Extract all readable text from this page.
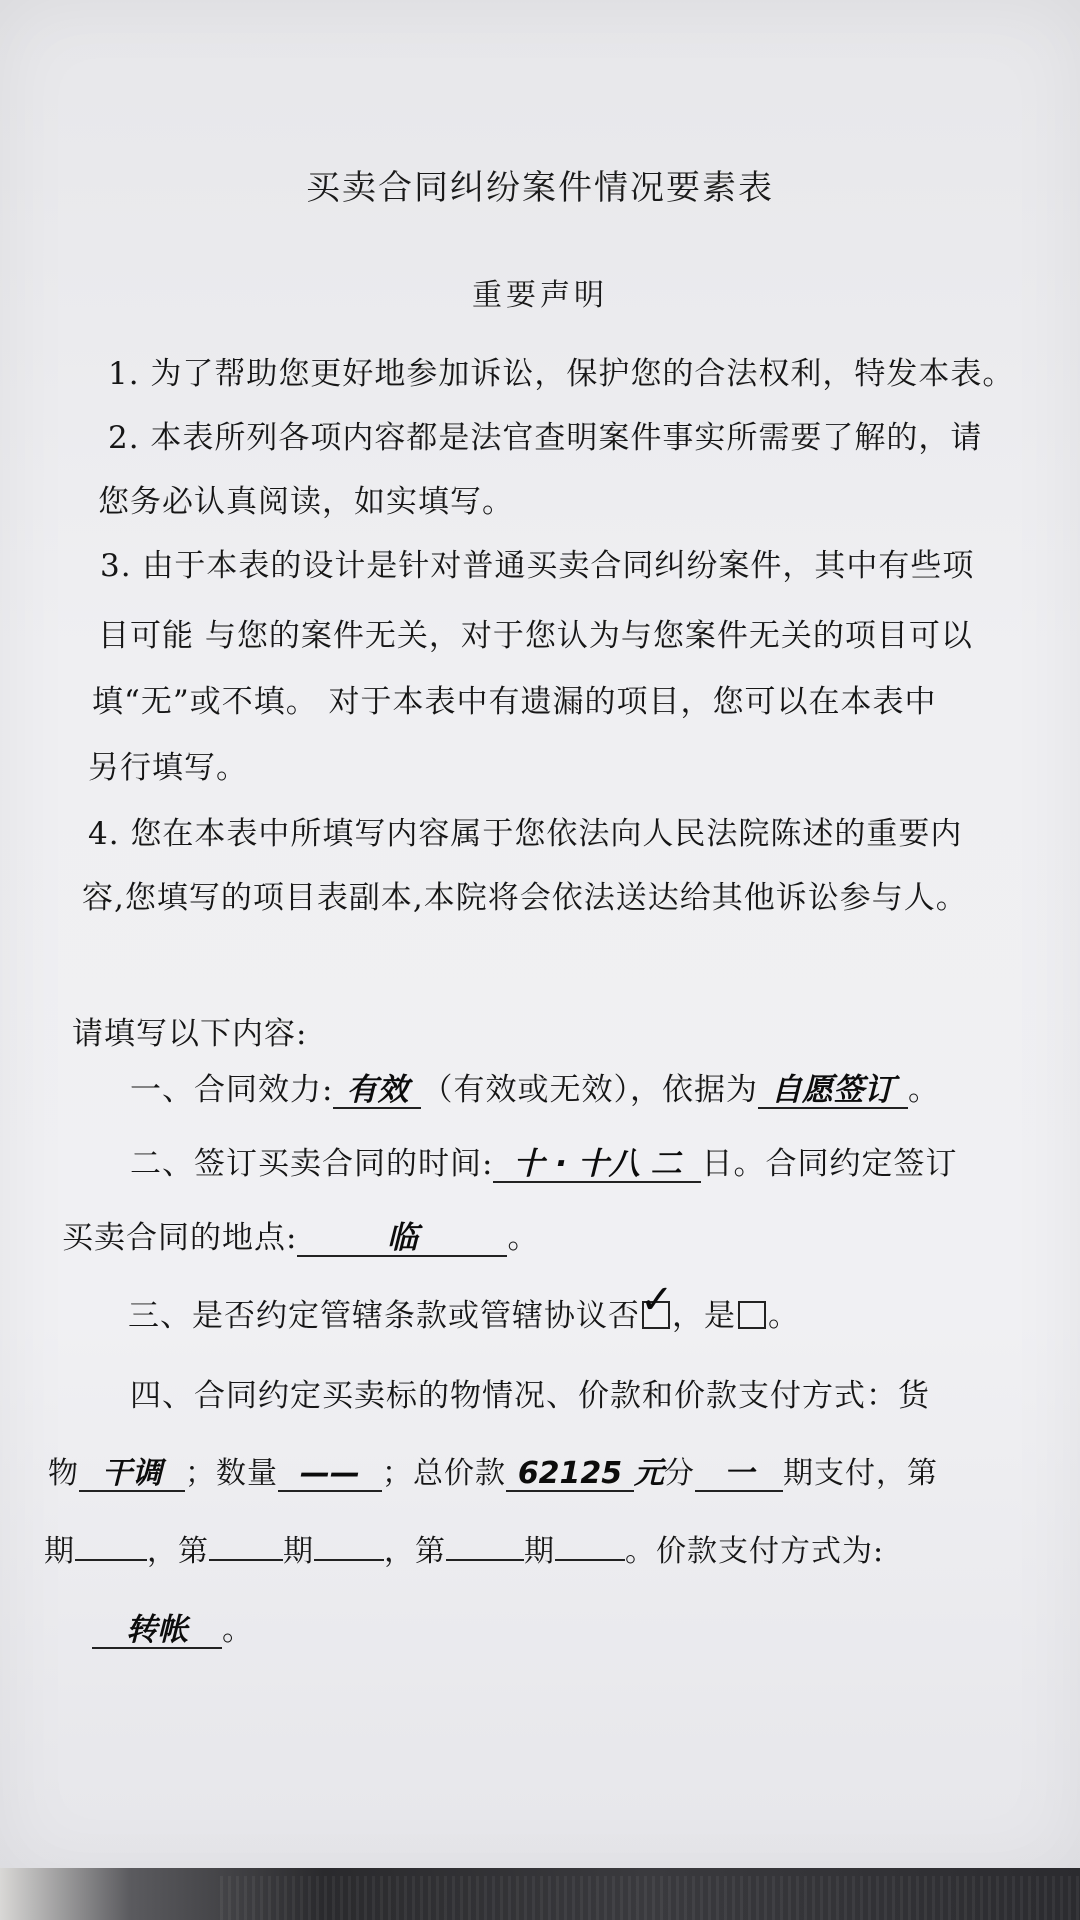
买卖合同纠纷案件情况要素表
重要声明
1. 为了帮助您更好地参加诉讼，保护您的合法权利，特发本表。
2. 本表所列各项内容都是法官查明案件事实所需要了解的，请
您务必认真阅读，如实填写。
3. 由于本表的设计是针对普通买卖合同纠纷案件，其中有些项
目可能 与您的案件无关，对于您认为与您案件无关的项目可以
填“无”或不填。 对于本表中有遗漏的项目，您可以在本表中
另行填写。
4. 您在本表中所填写内容属于您依法向人民法院陈述的重要内
容,您填写的项目表副本,本院将会依法送达给其他诉讼参与人。
请填写以下内容:
一、合同效力: 有效 （有效或无效），依据为 自愿签订 。
二、签订买卖合同的时间: 十 · 十八 二 日。合同约定签订
买卖合同的地点:	临	。
三、是否约定管辖条款或管辖协议否 ✓
，是 。
四、合同约定买卖标的物情况、价款和价款支付方式：货
物 干调 ；数量 —— ；总价款 62125 元分 一 期支付，第
期 ，第 期 ，第	期 。价款支付方式为:
转帐 。
